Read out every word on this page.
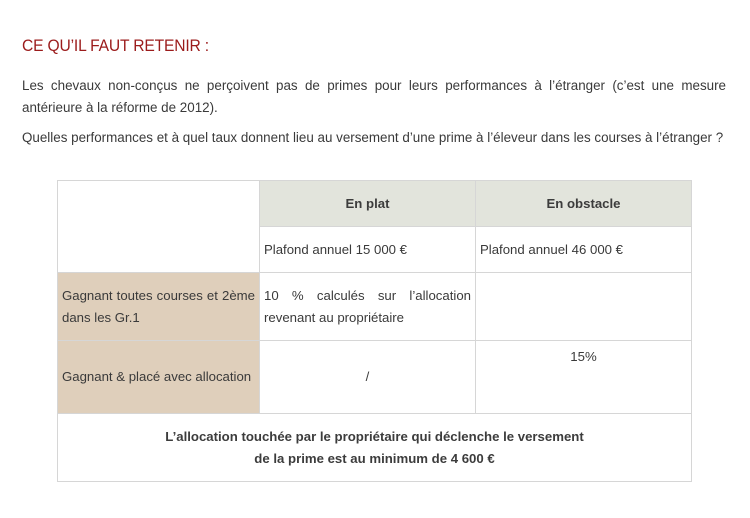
CE QU’IL FAUT RETENIR :
Les chevaux non-conçus ne perçoivent pas de primes pour leurs performances à l’étranger (c’est une mesure antérieure à la réforme de 2012).
Quelles performances et à quel taux donnent lieu au versement d’une prime à l’éleveur dans les courses à l’étranger ?
	En plat	En obstacle
	Plafond annuel 15 000 €	Plafond annuel 46 000 €
Gagnant toutes courses et 2ème dans les Gr.1	10 % calculés sur l’allocation revenant au propriétaire	
Gagnant & placé avec allocation	/	15%

L’allocation touchée par le propriétaire qui déclenche le versement
de la prime est au minimum de 4 600 €		
